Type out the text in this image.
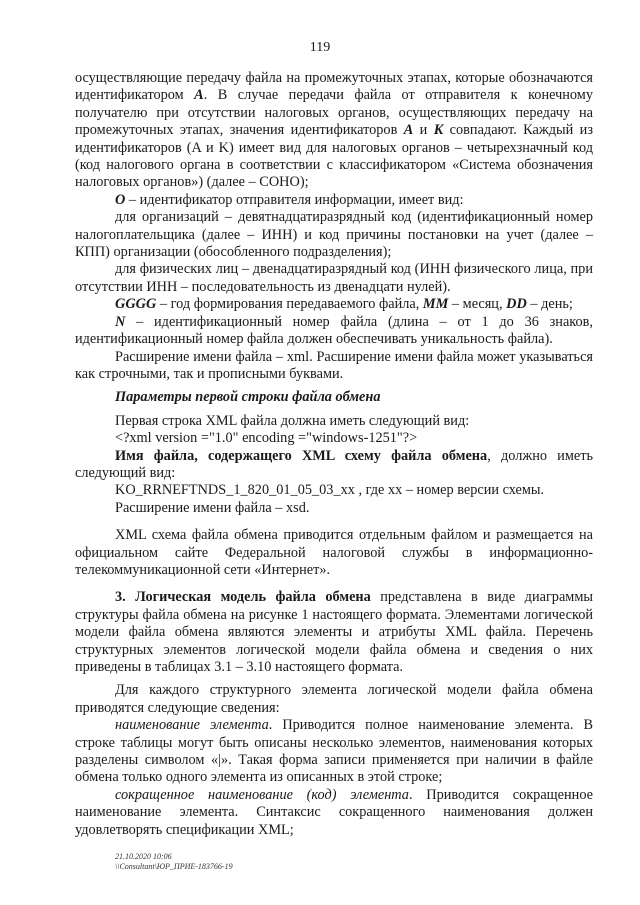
119

осуществляющие передачу файла на промежуточных этапах, которые обозначаются идентификатором A. В случае передачи файла от отправителя к конечному получателю при отсутствии налоговых органов, осуществляющих передачу на промежуточных этапах, значения идентификаторов A и K совпадают. Каждый из идентификаторов (A и K) имеет вид для налоговых органов – четырехзначный код (код налогового органа в соответствии с классификатором «Система обозначения налоговых органов») (далее – СОНО);

O – идентификатор отправителя информации, имеет вид:

для организаций – девятнадцатиразрядный код (идентификационный номер налогоплательщика (далее – ИНН) и код причины постановки на учет (далее – КПП) организации (обособленного подразделения);

для физических лиц – двенадцатиразрядный код (ИНН физического лица, при отсутствии ИНН – последовательность из двенадцати нулей).

GGGG – год формирования передаваемого файла, MM – месяц, DD – день;

N – идентификационный номер файла (длина – от 1 до 36 знаков, идентификационный номер файла должен обеспечивать уникальность файла).

Расширение имени файла – xml. Расширение имени файла может указываться как строчными, так и прописными буквами.

Параметры первой строки файла обмена

Первая строка XML файла должна иметь следующий вид:

<?xml version ="1.0" encoding ="windows-1251"?>

Имя файла, содержащего XML схему файла обмена, должно иметь следующий вид:

KO_RRNEFTNDS_1_820_01_05_03_xx , где xx – номер версии схемы.

Расширение имени файла – xsd.

XML схема файла обмена приводится отдельным файлом и размещается на официальном сайте Федеральной налоговой службы в информационно-телекоммуникационной сети «Интернет».

3. Логическая модель файла обмена представлена в виде диаграммы структуры файла обмена на рисунке 1 настоящего формата. Элементами логической модели файла обмена являются элементы и атрибуты XML файла. Перечень структурных элементов логической модели файла обмена и сведения о них приведены в таблицах 3.1 – 3.10 настоящего формата.

Для каждого структурного элемента логической модели файла обмена приводятся следующие сведения:

наименование элемента. Приводится полное наименование элемента. В строке таблицы могут быть описаны несколько элементов, наименования которых разделены символом «|». Такая форма записи применяется при наличии в файле обмена только одного элемента из описанных в этой строке;

сокращенное наименование (код) элемента. Приводится сокращенное наименование элемента. Синтаксис сокращенного наименования должен удовлетворять спецификации XML;

21.10.2020 10:06
\\Consultant\ЮР_ПРИЕ-183766-19
